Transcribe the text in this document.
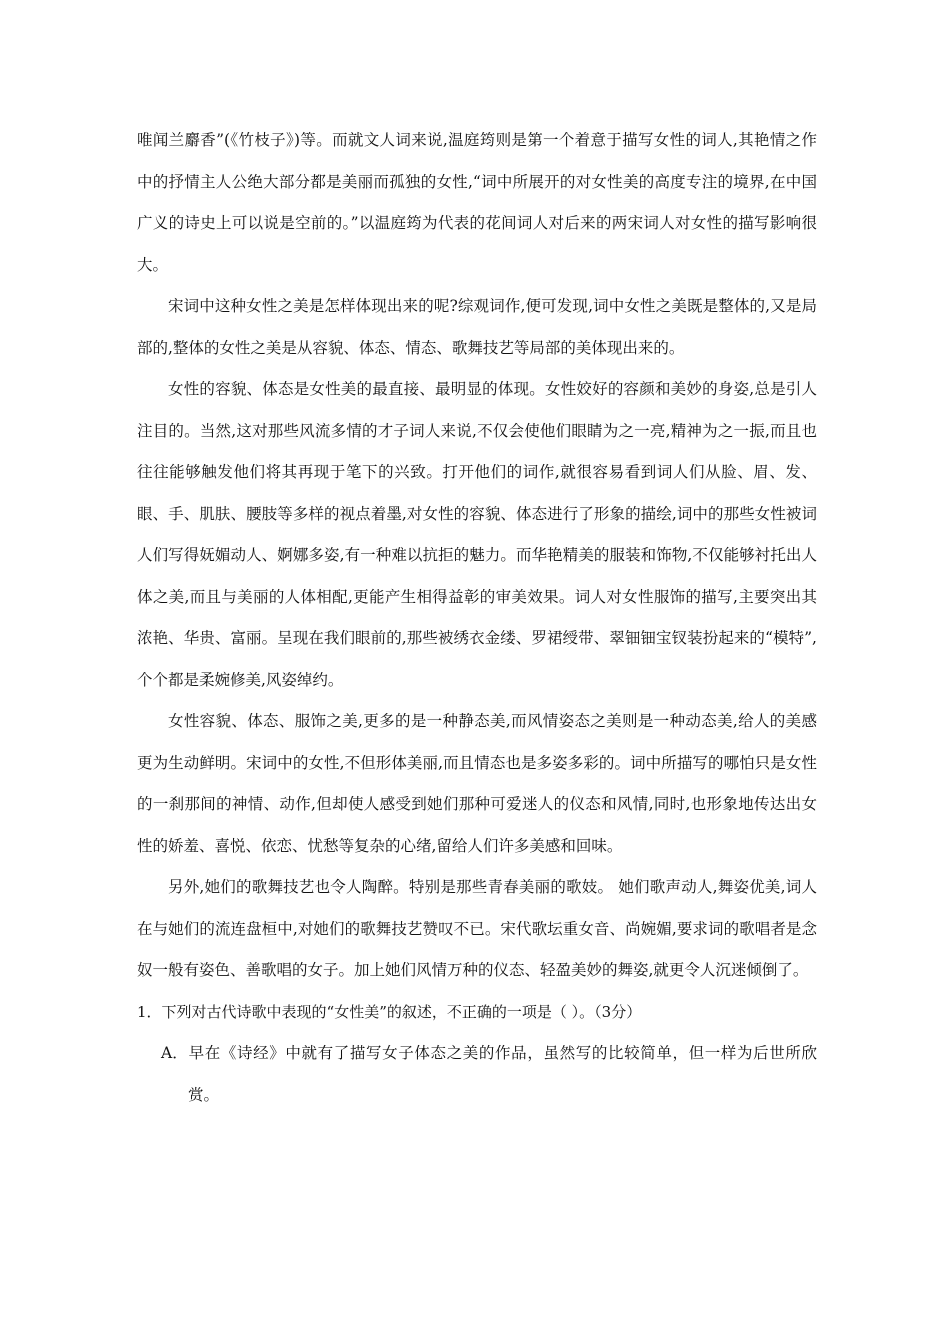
唯闻兰麝香”(《竹枝子》)等。而就文人词来说,温庭筠则是第一个着意于描写女性的词人,其艳情之作中的抒情主人公绝大部分都是美丽而孤独的女性,“词中所展开的对女性美的高度专注的境界,在中国广义的诗史上可以说是空前的。”以温庭筠为代表的花间词人对后来的两宋词人对女性的描写影响很大。

宋词中这种女性之美是怎样体现出来的呢?综观词作,便可发现,词中女性之美既是整体的,又是局部的,整体的女性之美是从容貌、体态、情态、歌舞技艺等局部的美体现出来的。

女性的容貌、体态是女性美的最直接、最明显的体现。女性姣好的容颜和美妙的身姿,总是引人注目的。当然,这对那些风流多情的才子词人来说,不仅会使他们眼睛为之一亮,精神为之一振,而且也往往能够触发他们将其再现于笔下的兴致。打开他们的词作,就很容易看到词人们从脸、眉、发、眼、手、肌肤、腰肢等多样的视点着墨,对女性的容貌、体态进行了形象的描绘,词中的那些女性被词人们写得妩媚动人、婀娜多姿,有一种难以抗拒的魅力。而华艳精美的服装和饰物,不仅能够衬托出人体之美,而且与美丽的人体相配,更能产生相得益彰的审美效果。词人对女性服饰的描写,主要突出其浓艳、华贵、富丽。呈现在我们眼前的,那些被绣衣金缕、罗裙绶带、翠钿钿宝钗装扮起来的“模特”,个个都是柔婉修美,风姿绰约。

女性容貌、体态、服饰之美,更多的是一种静态美,而风情姿态之美则是一种动态美,给人的美感更为生动鲜明。宋词中的女性,不但形体美丽,而且情态也是多姿多彩的。词中所描写的哪怕只是女性的一刹那间的神情、动作,但却使人感受到她们那种可爱迷人的仪态和风情,同时,也形象地传达出女性的娇羞、喜悦、依恋、忧愁等复杂的心绪,留给人们许多美感和回味。

另外,她们的歌舞技艺也令人陶醉。特别是那些青春美丽的歌妓。 她们歌声动人,舞姿优美,词人在与她们的流连盘桓中,对她们的歌舞技艺赞叹不已。宋代歌坛重女音、尚婉媚,要求词的歌唱者是念奴一般有姿色、善歌唱的女子。加上她们风情万种的仪态、轻盈美妙的舞姿,就更令人沉迷倾倒了。

1．下列对古代诗歌中表现的“女性美”的叙述，不正确的一项是（ ）。（3分）

A．早在《诗经》中就有了描写女子体态之美的作品，虽然写的比较简单，但一样为后世所欣赏。
